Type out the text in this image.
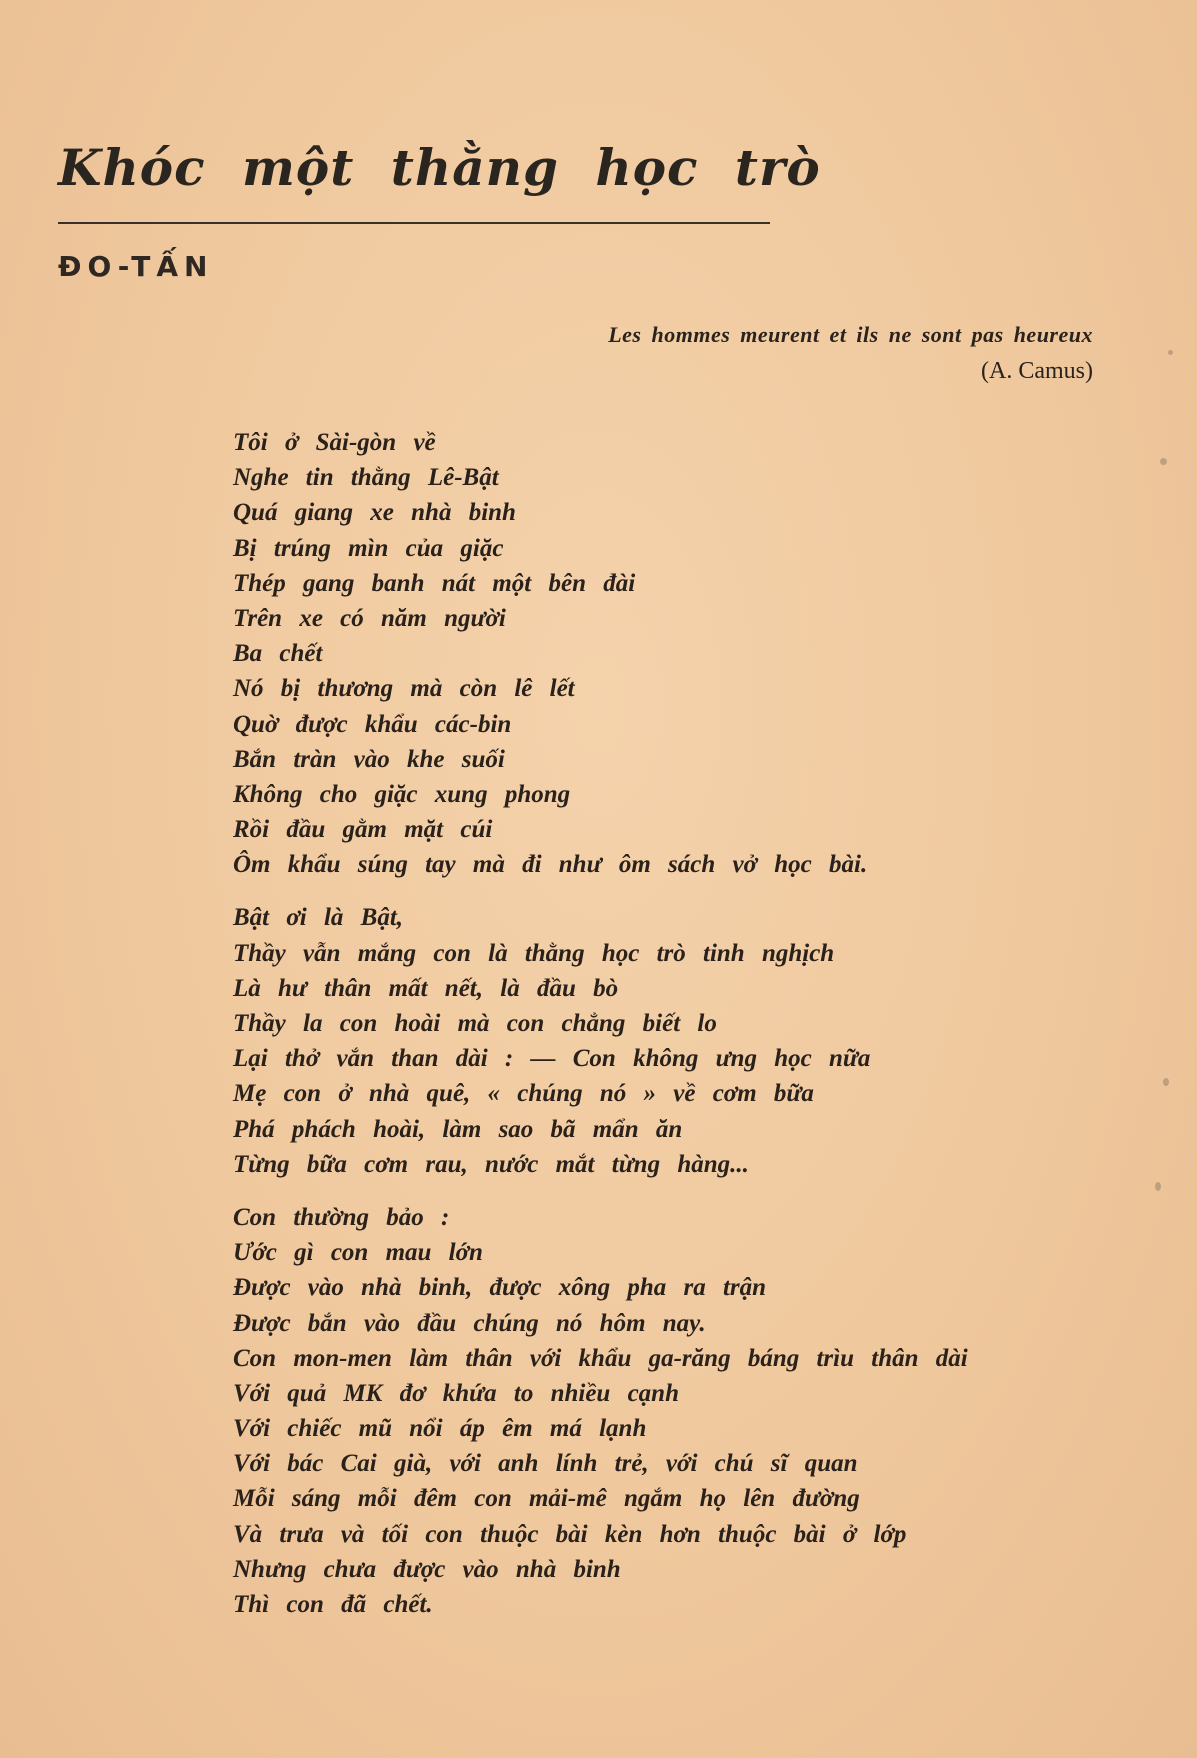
Khóc một thằng học trò
ĐO-TẤN
Les hommes meurent et ils ne sont pas heureux
(A. Camus)
Tôi ở Sài-gòn về
Nghe tin thằng Lê-Bật
Quá giang xe nhà binh
Bị trúng mìn của giặc
Thép gang banh nát một bên đài
Trên xe có năm người
Ba chết
Nó bị thương mà còn lê lết
Quờ được khẩu các-bin
Bắn tràn vào khe suối
Không cho giặc xung phong
Rồi đầu gằm mặt cúi
Ôm khẩu súng tay mà đi như ôm sách vở học bài.
Bật ơi là Bật,
Thầy vẫn mắng con là thằng học trò tinh nghịch
Là hư thân mất nết, là đầu bò
Thầy la con hoài mà con chẳng biết lo
Lại thở vắn than dài : — Con không ưng học nữa
Mẹ con ở nhà quê, « chúng nó » về cơm bữa
Phá phách hoài, làm sao bã mẩn ăn
Từng bữa cơm rau, nước mắt từng hàng...
Con thường bảo :
Ước gì con mau lớn
Được vào nhà binh, được xông pha ra trận
Được bắn vào đầu chúng nó hôm nay.
Con mon-men làm thân với khẩu ga-răng báng trìu thân dài
Với quả MK đơ khứa to nhiều cạnh
Với chiếc mũ nổi áp êm má lạnh
Với bác Cai già, với anh lính trẻ, với chú sĩ quan
Mỗi sáng mỗi đêm con mải-mê ngắm họ lên đường
Và trưa và tối con thuộc bài kèn hơn thuộc bài ở lớp
Nhưng chưa được vào nhà binh
Thì con đã chết.
